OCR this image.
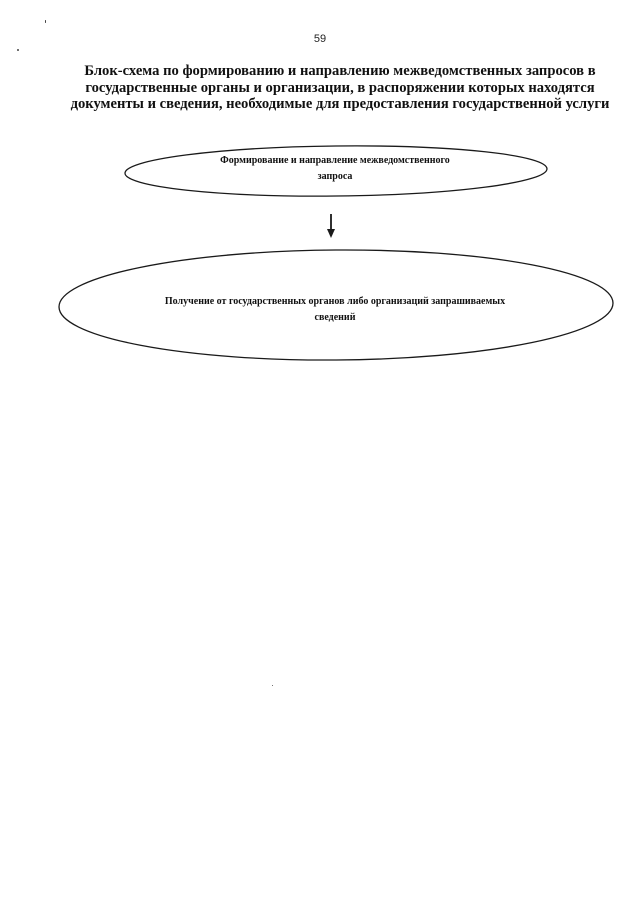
59
Блок-схема по формированию и направлению межведомственных запросов в государственные органы и организации, в распоряжении которых находятся документы и сведения, необходимые для предоставления государственной услуги
Формирование и направление межведомственного запроса
Получение от государственных органов либо организаций запрашиваемых сведений
